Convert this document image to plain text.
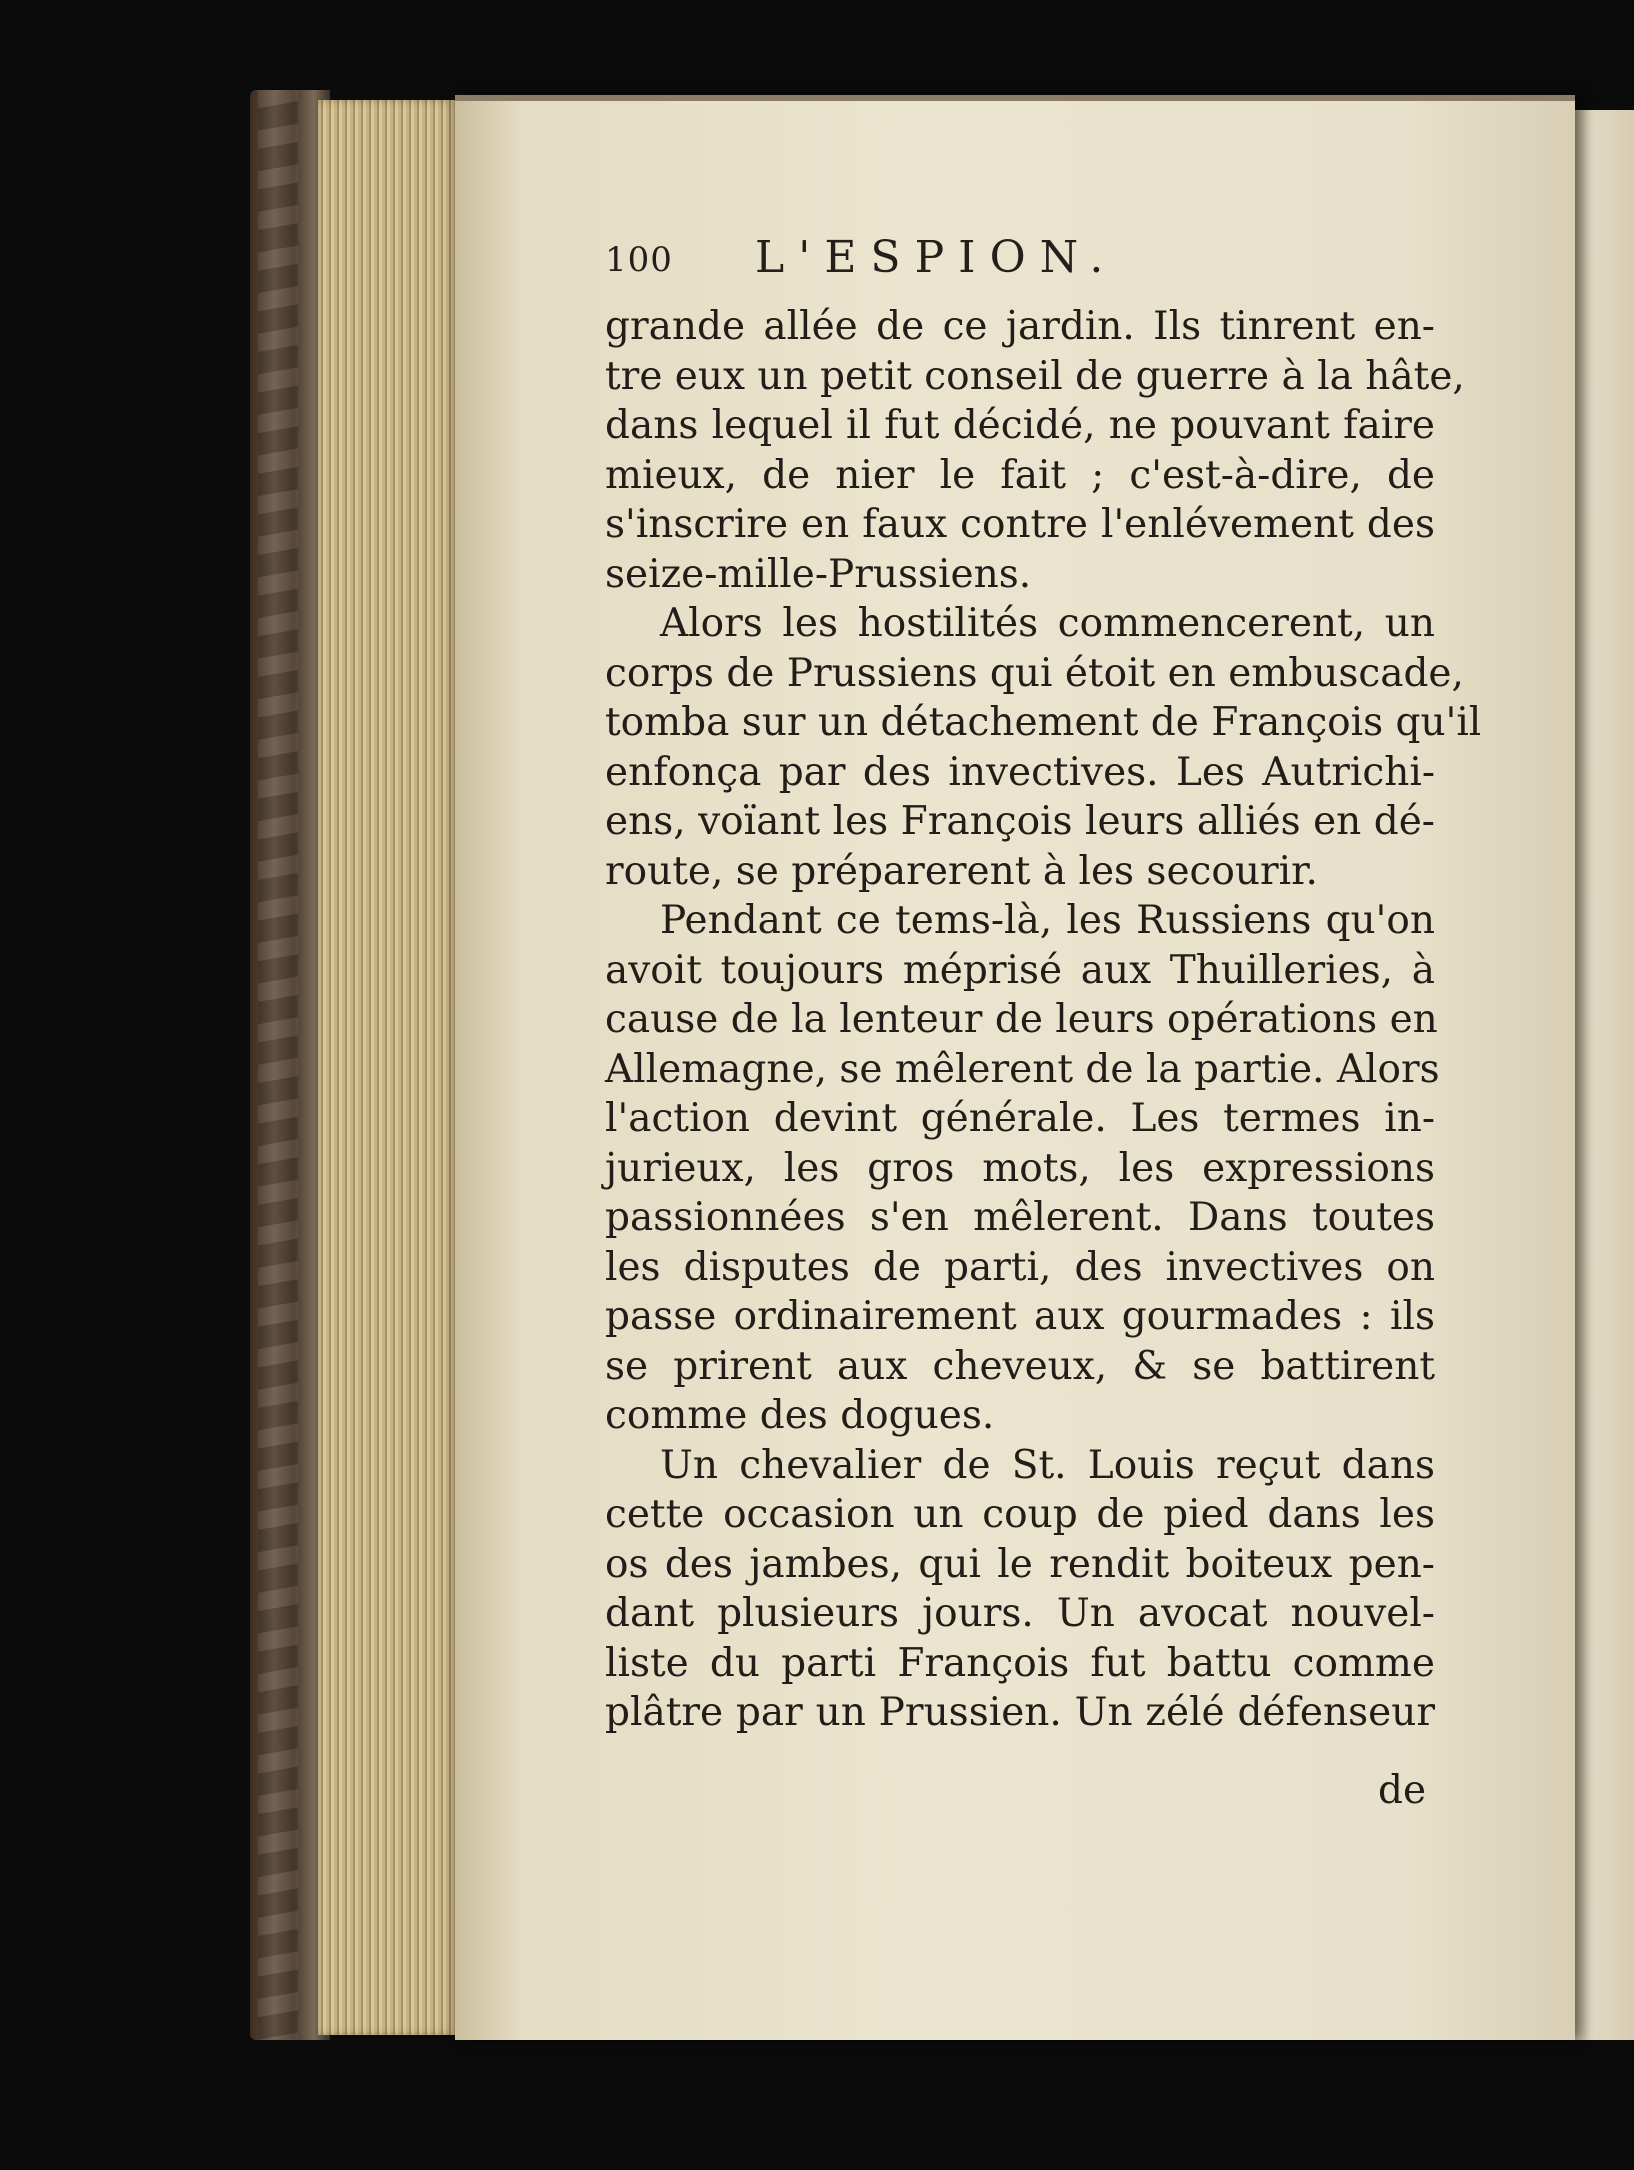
100 L'ESPION.
grande allée de ce jardin. Ils tinrent en-
tre eux un petit conseil de guerre à la hâte,
dans lequel il fut décidé, ne pouvant faire
mieux, de nier le fait ; c'est-à-dire, de
s'inscrire en faux contre l'enlévement des
seize-mille-Prussiens.
Alors les hostilités commencerent, un
corps de Prussiens qui étoit en embuscade,
tomba sur un détachement de François qu'il
enfonça par des invectives. Les Autrichi-
ens, voïant les François leurs alliés en dé-
route, se préparerent à les secourir.
Pendant ce tems-là, les Russiens qu'on
avoit toujours méprisé aux Thuilleries, à
cause de la lenteur de leurs opérations en
Allemagne, se mêlerent de la partie. Alors
l'action devint générale. Les termes in-
jurieux, les gros mots, les expressions
passionnées s'en mêlerent. Dans toutes
les disputes de parti, des invectives on
passe ordinairement aux gourmades : ils
se prirent aux cheveux, & se battirent
comme des dogues.
Un chevalier de St. Louis reçut dans
cette occasion un coup de pied dans les
os des jambes, qui le rendit boiteux pen-
dant plusieurs jours. Un avocat nouvel-
liste du parti François fut battu comme
plâtre par un Prussien. Un zélé défenseur
de
